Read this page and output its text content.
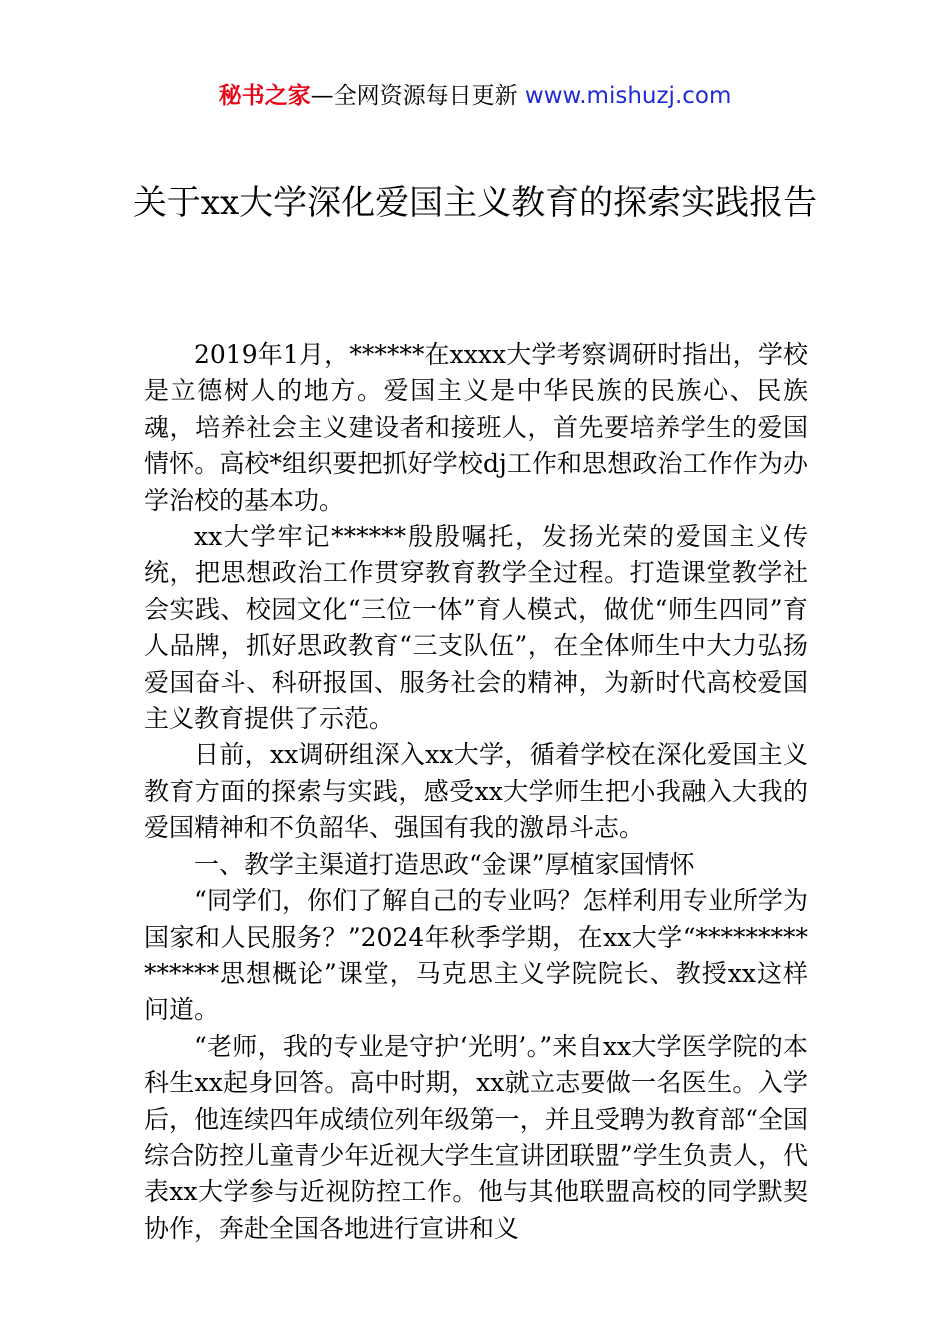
秘书之家—全网资源每日更新 www.mishuzj.com
关于xx大学深化爱国主义教育的探索实践报告

2019年1月，******在xxxx大学考察调研时指出，学校是立德树人的地方。爱国主义是中华民族的民族心、民族魂，培养社会主义建设者和接班人，首先要培养学生的爱国情怀。高校*组织要把抓好学校dj工作和思想政治工作作为办学治校的基本功。

xx大学牢记******殷殷嘱托，发扬光荣的爱国主义传统，把思想政治工作贯穿教育教学全过程。打造课堂教学社会实践、校园文化“三位一体”育人模式，做优“师生四同”育人品牌，抓好思政教育“三支队伍”，在全体师生中大力弘扬爱国奋斗、科研报国、服务社会的精神，为新时代高校爱国主义教育提供了示范。

日前，xx调研组深入xx大学，循着学校在深化爱国主义教育方面的探索与实践，感受xx大学师生把小我融入大我的爱国精神和不负韶华、强国有我的激昂斗志。

一、教学主渠道打造思政“金课”厚植家国情怀

“同学们，你们了解自己的专业吗？怎样利用专业所学为国家和人民服务？”2024年秋季学期，在xx大学“***************思想概论”课堂，马克思主义学院院长、教授xx这样问道。

“老师，我的专业是守护‘光明’。”来自xx大学医学院的本科生xx起身回答。高中时期，xx就立志要做一名医生。入学后，他连续四年成绩位列年级第一，并且受聘为教育部“全国综合防控儿童青少年近视大学生宣讲团联盟”学生负责人，代表xx大学参与近视防控工作。他与其他联盟高校的同学默契协作，奔赴全国各地进行宣讲和义
